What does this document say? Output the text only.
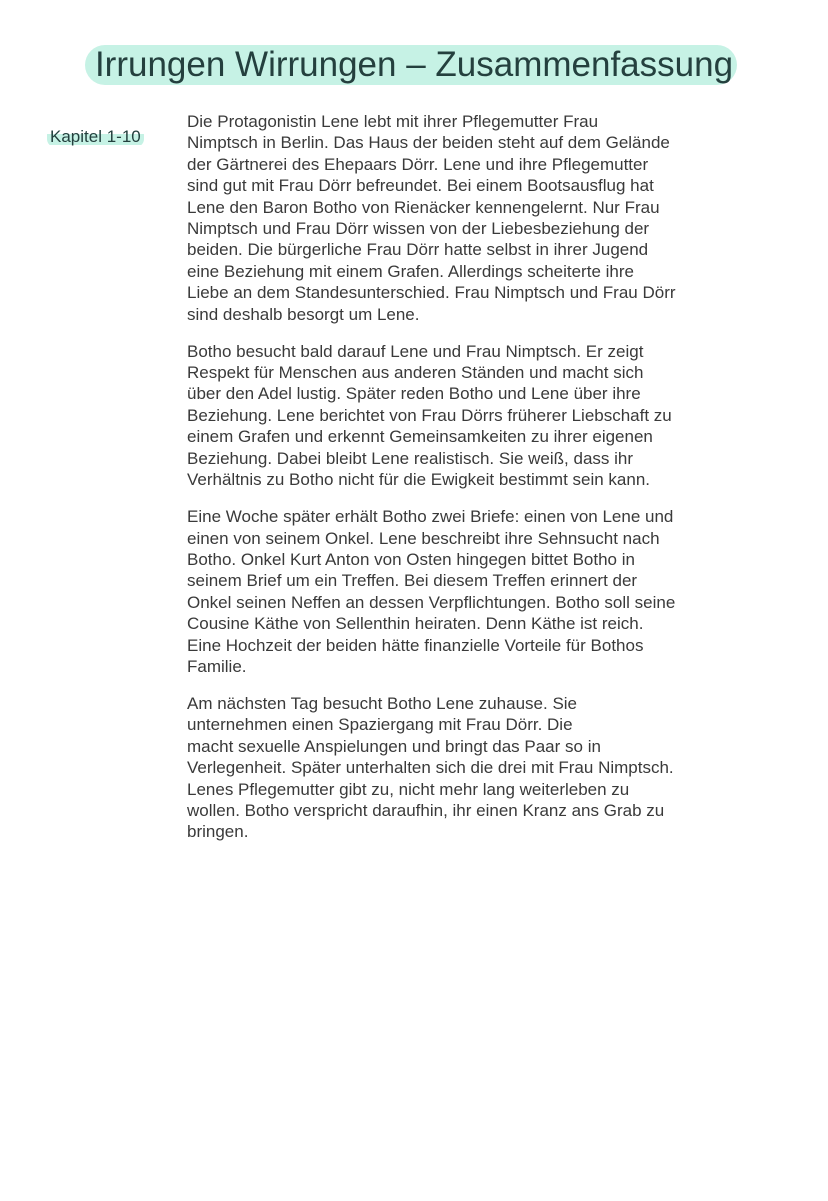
Irrungen Wirrungen – Zusammenfassung
Kapitel 1-10
Die Protagonistin Lene lebt mit ihrer Pflegemutter Frau
Nimptsch in Berlin. Das Haus der beiden steht auf dem Gelände
der Gärtnerei des Ehepaars Dörr. Lene und ihre Pflegemutter
sind gut mit Frau Dörr befreundet. Bei einem Bootsausflug hat
Lene den Baron Botho von Rienäcker kennengelernt. Nur Frau
Nimptsch und Frau Dörr wissen von der Liebesbeziehung der
beiden. Die bürgerliche Frau Dörr hatte selbst in ihrer Jugend
eine Beziehung mit einem Grafen. Allerdings scheiterte ihre
Liebe an dem Standesunterschied. Frau Nimptsch und Frau Dörr
sind deshalb besorgt um Lene.
Botho besucht bald darauf Lene und Frau Nimptsch. Er zeigt
Respekt für Menschen aus anderen Ständen und macht sich
über den Adel lustig. Später reden Botho und Lene über ihre
Beziehung. Lene berichtet von Frau Dörrs früherer Liebschaft zu
einem Grafen und erkennt Gemeinsamkeiten zu ihrer eigenen
Beziehung. Dabei bleibt Lene realistisch. Sie weiß, dass ihr
Verhältnis zu Botho nicht für die Ewigkeit bestimmt sein kann.
Eine Woche später erhält Botho zwei Briefe: einen von Lene und
einen von seinem Onkel. Lene beschreibt ihre Sehnsucht nach
Botho. Onkel Kurt Anton von Osten hingegen bittet Botho in
seinem Brief um ein Treffen. Bei diesem Treffen erinnert der
Onkel seinen Neffen an dessen Verpflichtungen. Botho soll seine
Cousine Käthe von Sellenthin heiraten. Denn Käthe ist reich.
Eine Hochzeit der beiden hätte finanzielle Vorteile für Bothos
Familie.
Am nächsten Tag besucht Botho Lene zuhause. Sie
unternehmen einen Spaziergang mit Frau Dörr. Die
macht sexuelle Anspielungen und bringt das Paar so in
Verlegenheit. Später unterhalten sich die drei mit Frau Nimptsch.
Lenes Pflegemutter gibt zu, nicht mehr lang weiterleben zu
wollen. Botho verspricht daraufhin, ihr einen Kranz ans Grab zu
bringen.
